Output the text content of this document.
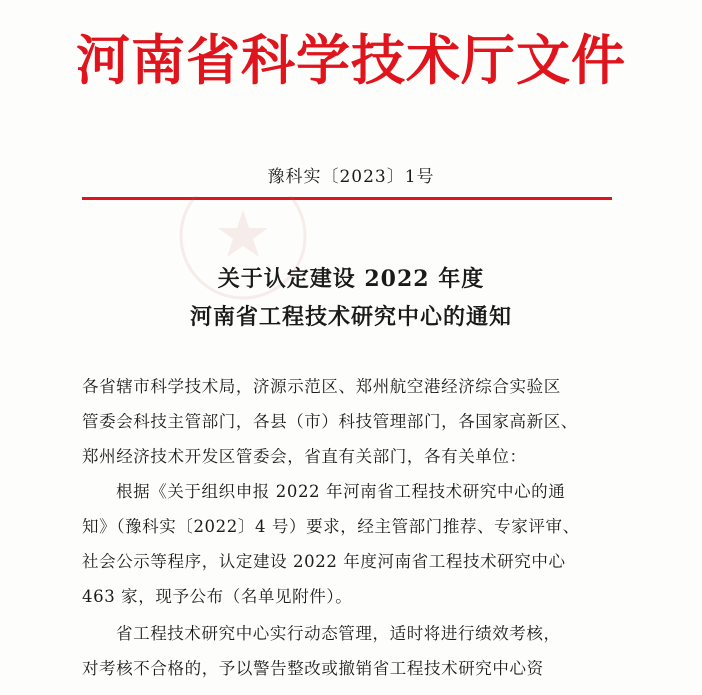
河南省科学技术厅文件
豫科实〔2023〕1号
关于认定建设 2022 年度
河南省工程技术研究中心的通知
各省辖市科学技术局，济源示范区、郑州航空港经济综合实验区
管委会科技主管部门，各县（市）科技管理部门，各国家高新区、
郑州经济技术开发区管委会，省直有关部门，各有关单位：
根据《关于组织申报 2022 年河南省工程技术研究中心的通
知》（豫科实〔2022〕4 号）要求，经主管部门推荐、专家评审、
社会公示等程序，认定建设 2022 年度河南省工程技术研究中心
463 家，现予公布（名单见附件）。
省工程技术研究中心实行动态管理，适时将进行绩效考核，
对考核不合格的，予以警告整改或撤销省工程技术研究中心资
